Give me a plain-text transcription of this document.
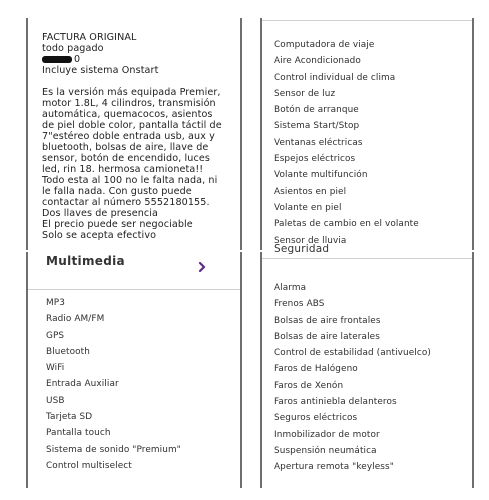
FACTURA ORIGINAL
todo pagado
0
Incluye sistema Onstart
Es la versión más equipada Premier,
motor 1.8L, 4 cilindros, transmisión
automática, quemacocos, asientos
de piel doble color, pantalla táctil de
7"estéreo doble entrada usb, aux y
bluetooth, bolsas de aire, llave de
sensor, botón de encendido, luces
led, rin 18. hermosa camioneta!!
Todo esta al 100 no le falta nada, ni
le falla nada. Con gusto puede
contactar al número 5552180155.
Dos llaves de presencia
El precio puede ser negociable
Solo se acepta efectivo
Computadora de viaje
Aire Acondicionado
Control individual de clima
Sensor de luz
Botón de arranque
Sistema Start/Stop
Ventanas eléctricas
Espejos eléctricos
Volante multifunción
Asientos en piel
Volante en piel
Paletas de cambio en el volante
Sensor de lluvia
Multimedia
MP3
Radio AM/FM
GPS
Bluetooth
WiFi
Entrada Auxiliar
USB
Tarjeta SD
Pantalla touch
Sistema de sonido "Premium"
Control multiselect
Seguridad
Alarma
Frenos ABS
Bolsas de aire frontales
Bolsas de aire laterales
Control de estabilidad (antivuelco)
Faros de Halógeno
Faros de Xenón
Faros antiniebla delanteros
Seguros eléctricos
Inmobilizador de motor
Suspensión neumática
Apertura remota "keyless"
